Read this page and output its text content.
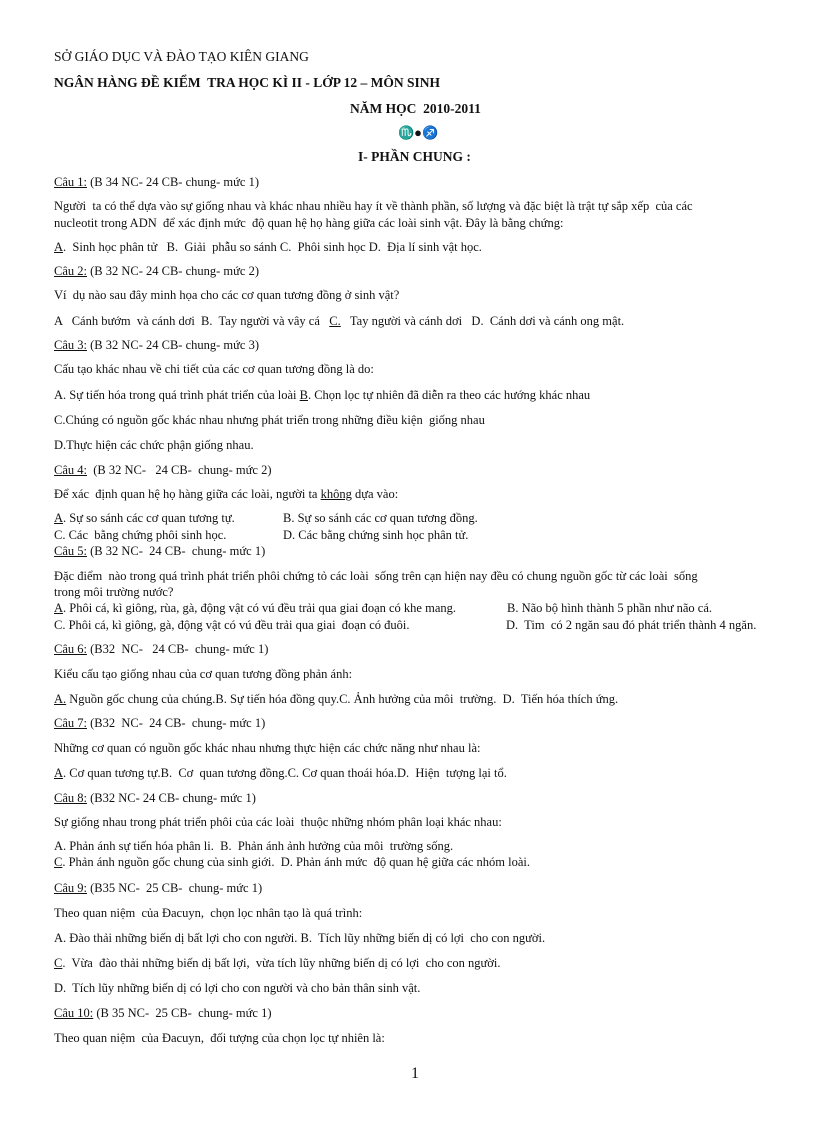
SỞ GIÁO DỤC VÀ ĐÀO TẠO KIÊN GIANG
NGÂN HÀNG ĐỀ KIỂM  TRA HỌC KÌ II - LỚP 12 – MÔN SINH
NĂM HỌC  2010-2011
♏●♐
I- PHẦN CHUNG :
Câu 1: (B 34 NC- 24 CB- chung- mức 1)
Người  ta có thể dựa vào sự giống nhau và khác nhau nhiều hay ít về thành phần, số lượng và đặc biệt là trật tự sắp xếp  của các
nucleotit trong ADN  để xác định mức  độ quan hệ họ hàng giữa các loài sinh vật. Đây là bằng chứng:
A.  Sinh học phân tử   B.  Giải  phẫu so sánh C.  Phôi sinh học D.  Địa lí sinh vật học.
Câu 2: (B 32 NC- 24 CB- chung- mức 2)
Ví  dụ nào sau đây minh họa cho các cơ quan tương đồng ở sinh vật?
A   Cánh bướm  và cánh dơi  B.  Tay người và vây cá   C.   Tay người và cánh dơi   D.  Cánh dơi và cánh ong mật.
Câu 3: (B 32 NC- 24 CB- chung- mức 3)
Cấu tạo khác nhau về chi tiết của các cơ quan tương đồng là do:
A. Sự tiến hóa trong quá trình phát triển của loài B. Chọn lọc tự nhiên đã diễn ra theo các hướng khác nhau
C.Chúng có nguồn gốc khác nhau nhưng phát triển trong những điều kiện  giống nhau
D.Thực hiện các chức phận giống nhau.
Câu 4:  (B 32 NC-   24 CB-  chung- mức 2)
Để xác  định quan hệ họ hàng giữa các loài, người ta không dựa vào:
A. Sự so sánh các cơ quan tương tự.	B. Sự so sánh các cơ quan tương đồng.
C. Các  bằng chứng phôi sinh học.	D. Các bằng chứng sinh học phân tử.
Câu 5: (B 32 NC-  24 CB-  chung- mức 1)
Đặc điểm  nào trong quá trình phát triển phôi chứng tỏ các loài  sống trên cạn hiện nay đều có chung nguồn gốc từ các loài  sống
trong môi trường nước?
A. Phôi cá, kì giông, rùa, gà, động vật có vú đều trải qua giai đoạn có khe mang.	B. Não bộ hình thành 5 phần như não cá.
C. Phôi cá, kì giông, gà, động vật có vú đều trải qua giai  đoạn có đuôi.	D.  Tim  có 2 ngăn sau đó phát triển thành 4 ngăn.
Câu 6: (B32  NC-   24 CB-  chung- mức 1)
Kiểu cấu tạo giống nhau của cơ quan tương đồng phản ánh:
A. Nguồn gốc chung của chúng.B. Sự tiến hóa đồng quy.C. Ảnh hưởng của môi  trường.  D.  Tiến hóa thích ứng.
Câu 7: (B32  NC-  24 CB-  chung- mức 1)
Những cơ quan có nguồn gốc khác nhau nhưng thực hiện các chức năng như nhau là:
A. Cơ quan tương tự.B.  Cơ  quan tương đồng.C. Cơ quan thoái hóa.D.  Hiện  tượng lại tổ.
Câu 8: (B32 NC- 24 CB- chung- mức 1)
Sự giống nhau trong phát triển phôi của các loài  thuộc những nhóm phân loại khác nhau:
A. Phản ánh sự tiến hóa phân li.  B.  Phản ánh ảnh hưởng của môi  trường sống.
C. Phản ánh nguồn gốc chung của sinh giới.  D. Phản ánh mức  độ quan hệ giữa các nhóm loài.
Câu 9: (B35 NC-  25 CB-  chung- mức 1)
Theo quan niệm  của Đacuyn,  chọn lọc nhân tạo là quá trình:
A. Đào thải những biến dị bất lợi cho con người. B.  Tích lũy những biến dị có lợi  cho con người.
C.  Vừa  đào thải những biến dị bất lợi,  vừa tích lũy những biến dị có lợi  cho con người.
D.  Tích lũy những biến dị có lợi cho con người và cho bản thân sinh vật.
Câu 10: (B 35 NC-  25 CB-  chung- mức 1)
Theo quan niệm  của Đacuyn,  đối tượng của chọn lọc tự nhiên là:
1
